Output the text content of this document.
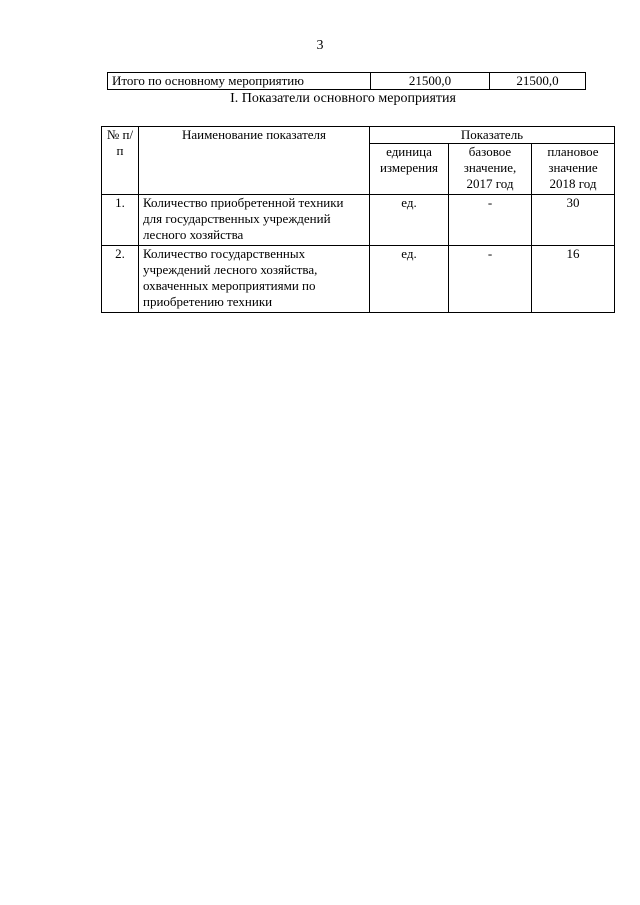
3
Итого по основному мероприятию	21500,0	21500,0
I. Показатели основного мероприятия
№ п/п	Наименование показателя	Показатель		
		единица измерения	базовое значение, 2017 год	плановое значение 2018 год
1.	Количество приобретенной техники для государственных учреждений лесного хозяйства	ед.	-	30
2.	Количество государственных учреждений лесного хозяйства, охваченных мероприятиями по приобретению техники	ед.	-	16
